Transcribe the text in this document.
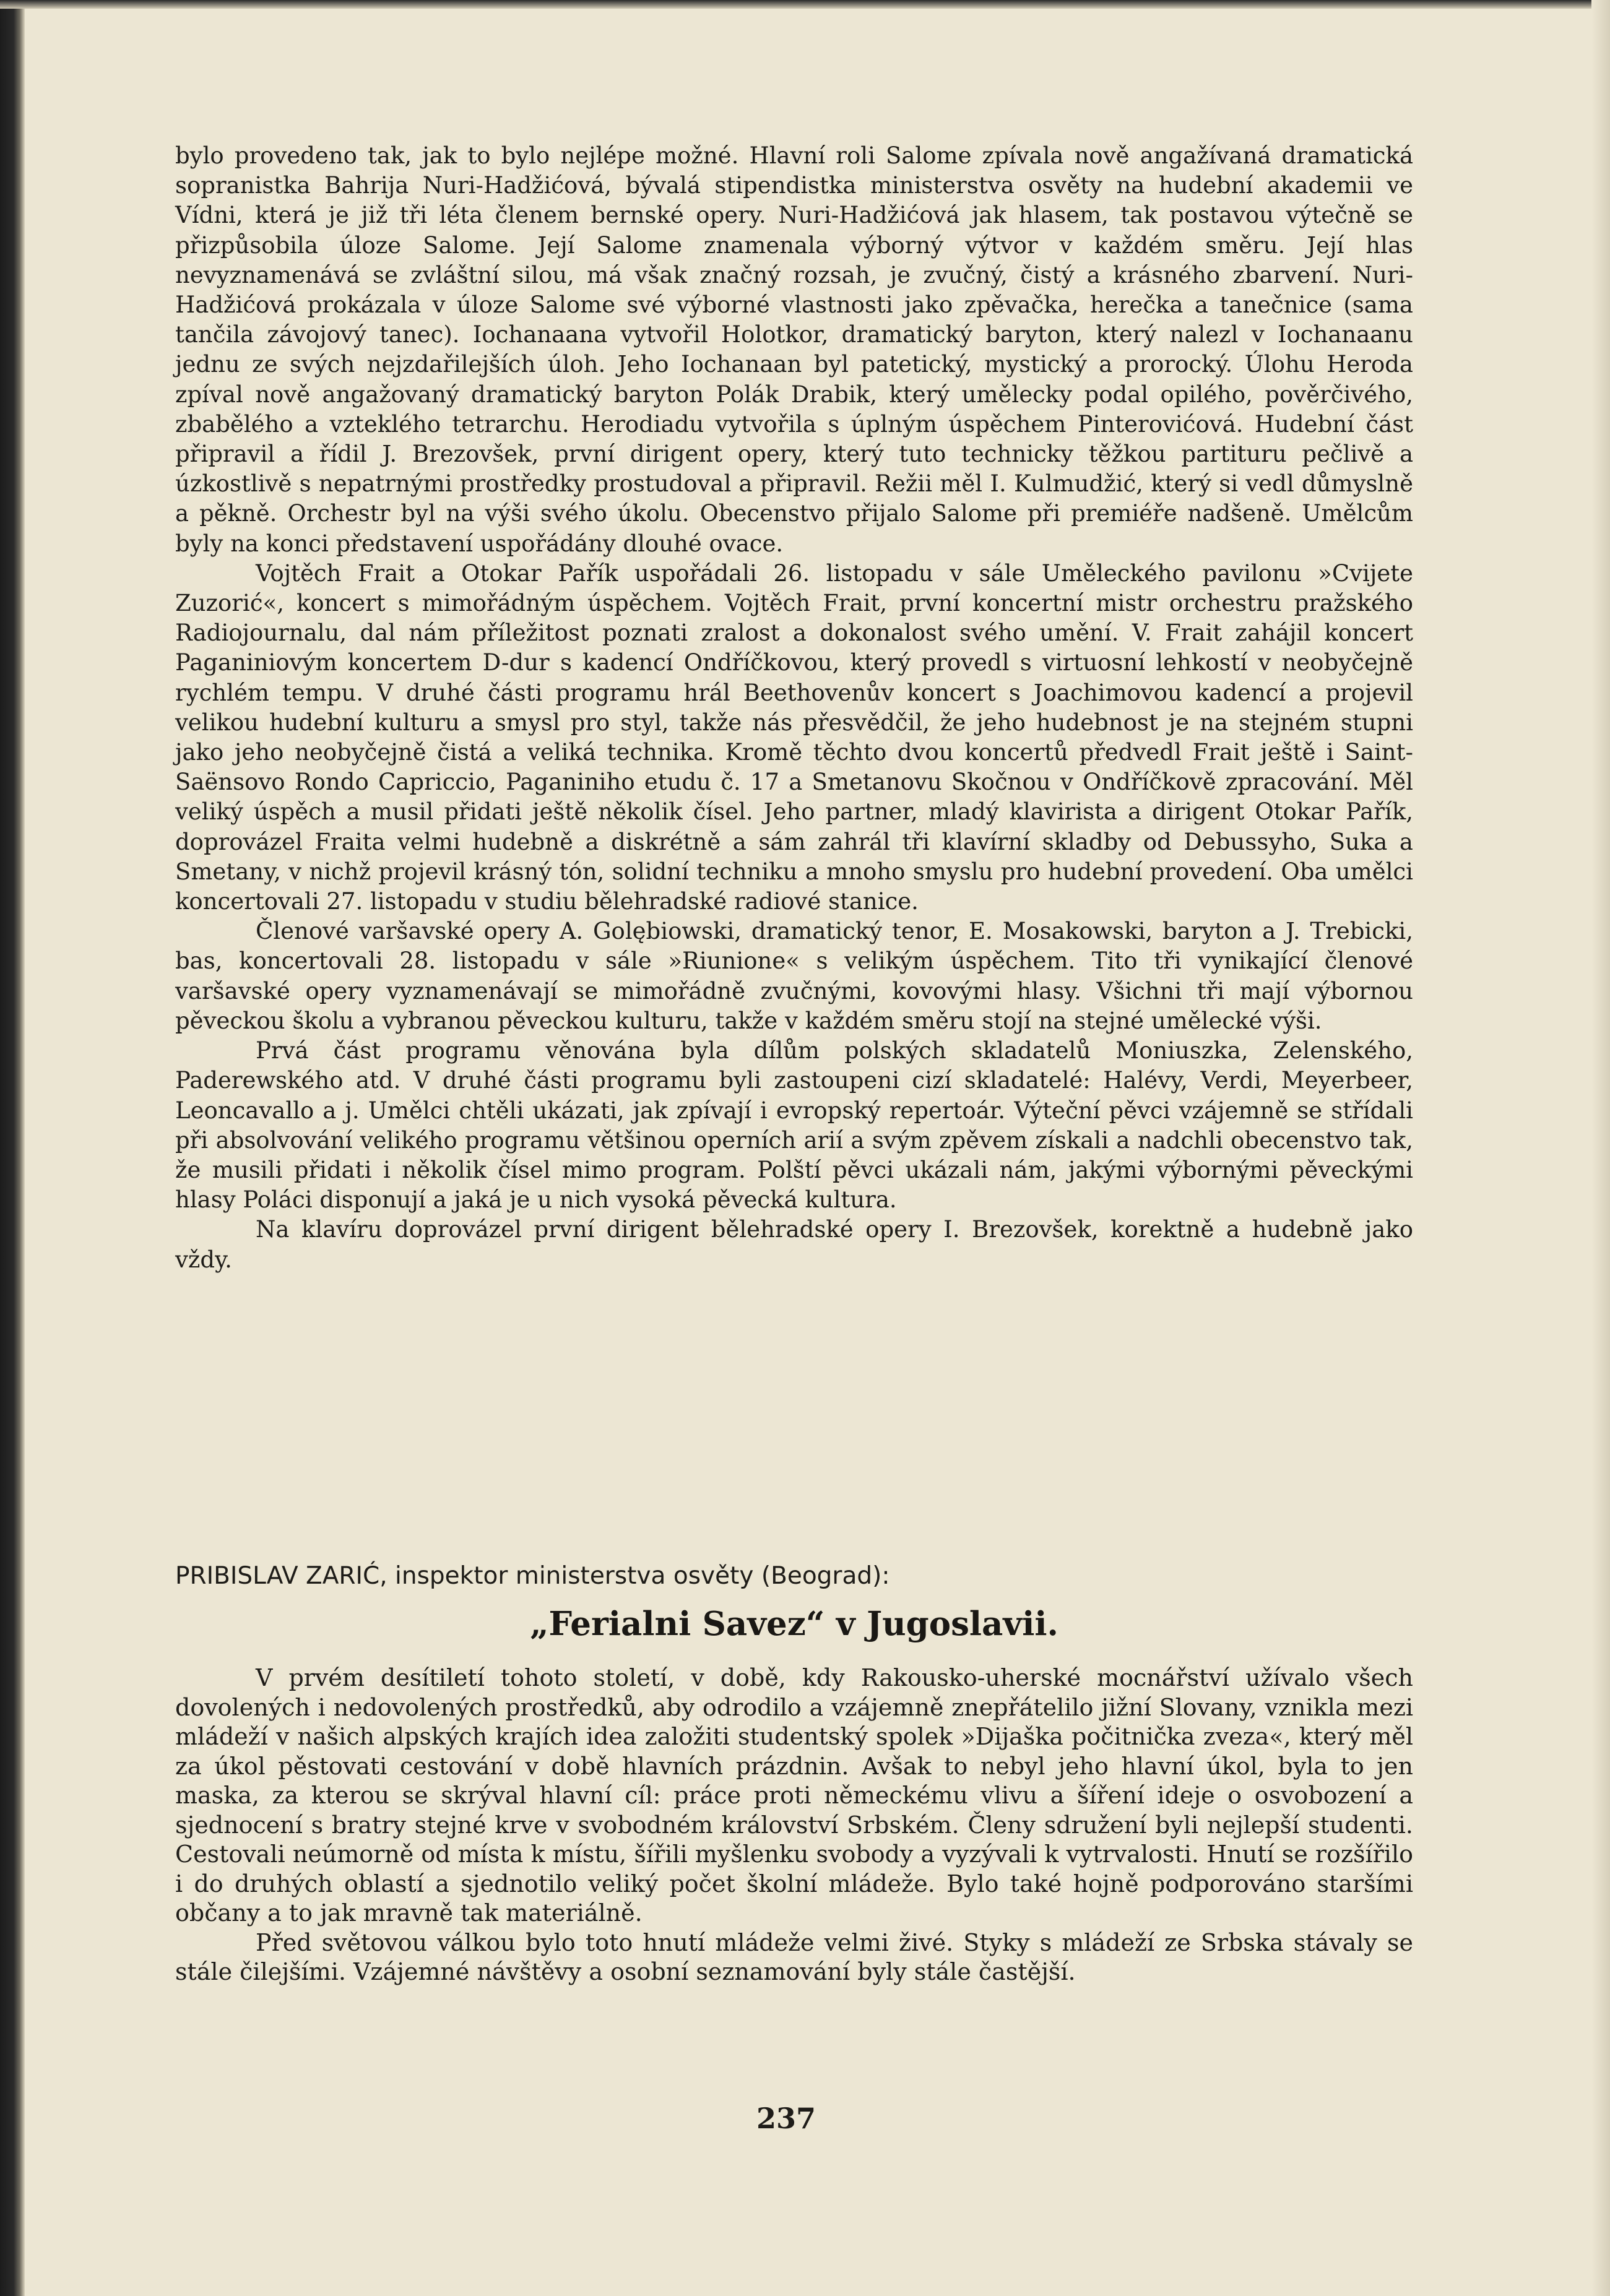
bylo provedeno tak, jak to bylo nejlépe možné. Hlavní roli Salome zpívala nově angažívaná dramatická sopranistka Bahrija Nuri-Hadžićová, bývalá stipendistka ministerstva osvěty na hudební akademii ve Vídni, která je již tři léta členem bernské opery. Nuri-Hadžićová jak hlasem, tak postavou výtečně se přizpůsobila úloze Salome. Její Salome znamenala výborný výtvor v každém směru. Její hlas nevyznamenává se zvláštní silou, má však značný rozsah, je zvučný, čistý a krásného zbarvení. Nuri-Hadžićová prokázala v úloze Salome své výborné vlastnosti jako zpěvačka, herečka a tanečnice (sama tančila závojový tanec). Iochanaana vytvořil Holotkor, dramatický baryton, který nalezl v Iochanaanu jednu ze svých nejzdařilejších úloh. Jeho Iochanaan byl patetický, mystický a prorocký. Úlohu Heroda zpíval nově angažovaný dramatický baryton Polák Drabik, který umělecky podal opilého, pověrčivého, zbabělého a vzteklého tetrarchu. Herodiadu vytvořila s úplným úspěchem Pinterovićová. Hudební část připravil a řídil J. Brezovšek, první dirigent opery, který tuto technicky těžkou partituru pečlivě a úzkostlivě s nepatrnými prostředky prostudoval a připravil. Režii měl I. Kulmudžić, který si vedl důmyslně a pěkně. Orchestr byl na výši svého úkolu. Obecenstvo přijalo Salome při premiéře nadšeně. Umělcům byly na konci představení uspořádány dlouhé ovace.

Vojtěch Frait a Otokar Pařík uspořádali 26. listopadu v sále Uměleckého pavilonu »Cvijete Zuzorić«, koncert s mimořádným úspěchem. Vojtěch Frait, první koncertní mistr orchestru pražského Radiojournalu, dal nám příležitost poznati zralost a dokonalost svého umění. V. Frait zahájil koncert Paganiniovým koncertem D-dur s kadencí Ondříčkovou, který provedl s virtuosní lehkostí v neobyčejně rychlém tempu. V druhé části programu hrál Beethovenův koncert s Joachimovou kadencí a projevil velikou hudební kulturu a smysl pro styl, takže nás přesvědčil, že jeho hudebnost je na stejném stupni jako jeho neobyčejně čistá a veliká technika. Kromě těchto dvou koncertů předvedl Frait ještě i Saint-Saënsovo Rondo Capriccio, Paganiniho etudu č. 17 a Smetanovu Skočnou v Ondříčkově zpracování. Měl veliký úspěch a musil přidati ještě několik čísel. Jeho partner, mladý klavirista a dirigent Otokar Pařík, doprovázel Fraita velmi hudebně a diskrétně a sám zahrál tři klavírní skladby od Debussyho, Suka a Smetany, v nichž projevil krásný tón, solidní techniku a mnoho smyslu pro hudební provedení. Oba umělci koncertovali 27. listopadu v studiu bělehradské radiové stanice.

Členové varšavské opery A. Golębiowski, dramatický tenor, E. Mosakowski, baryton a J. Trebicki, bas, koncertovali 28. listopadu v sále »Riunione« s velikým úspěchem. Tito tři vynikající členové varšavské opery vyznamenávají se mimořádně zvučnými, kovovými hlasy. Všichni tři mají výbornou pěveckou školu a vybranou pěveckou kulturu, takže v každém směru stojí na stejné umělecké výši.

Prvá část programu věnována byla dílům polských skladatelů Moniuszka, Zelenského, Paderewského atd. V druhé části programu byli zastoupeni cizí skladatelé: Halévy, Verdi, Meyerbeer, Leoncavallo a j. Umělci chtěli ukázati, jak zpívají i evropský repertoár. Výteční pěvci vzájemně se střídali při absolvování velikého programu většinou operních arií a svým zpěvem získali a nadchli obecenstvo tak, že musili přidati i několik čísel mimo program. Polští pěvci ukázali nám, jakými výbornými pěveckými hlasy Poláci disponují a jaká je u nich vysoká pěvecká kultura.

Na klavíru doprovázel první dirigent bělehradské opery I. Brezovšek, korektně a hudebně jako vždy.

PRIBISLAV ZARIĆ, inspektor ministerstva osvěty (Beograd):
„Ferialni Savez“ v Jugoslavii.

V prvém desítiletí tohoto století, v době, kdy Rakousko-uherské mocnářství užívalo všech dovolených i nedovolených prostředků, aby odrodilo a vzájemně znepřátelilo jižní Slovany, vznikla mezi mládeží v našich alpských krajích idea založiti studentský spolek »Dijaška počitnička zveza«, který měl za úkol pěstovati cestování v době hlavních prázdnin. Avšak to nebyl jeho hlavní úkol, byla to jen maska, za kterou se skrýval hlavní cíl: práce proti německému vlivu a šíření ideje o osvobození a sjednocení s bratry stejné krve v svobodném království Srbském. Členy sdružení byli nejlepší studenti. Cestovali neúmorně od místa k místu, šířili myšlenku svobody a vyzývali k vytrvalosti. Hnutí se rozšířilo i do druhých oblastí a sjednotilo veliký počet školní mládeže. Bylo také hojně podporováno staršími občany a to jak mravně tak materiálně.

Před světovou válkou bylo toto hnutí mládeže velmi živé. Styky s mládeží ze Srbska stávaly se stále čilejšími. Vzájemné návštěvy a osobní seznamování byly stále častější.

237
